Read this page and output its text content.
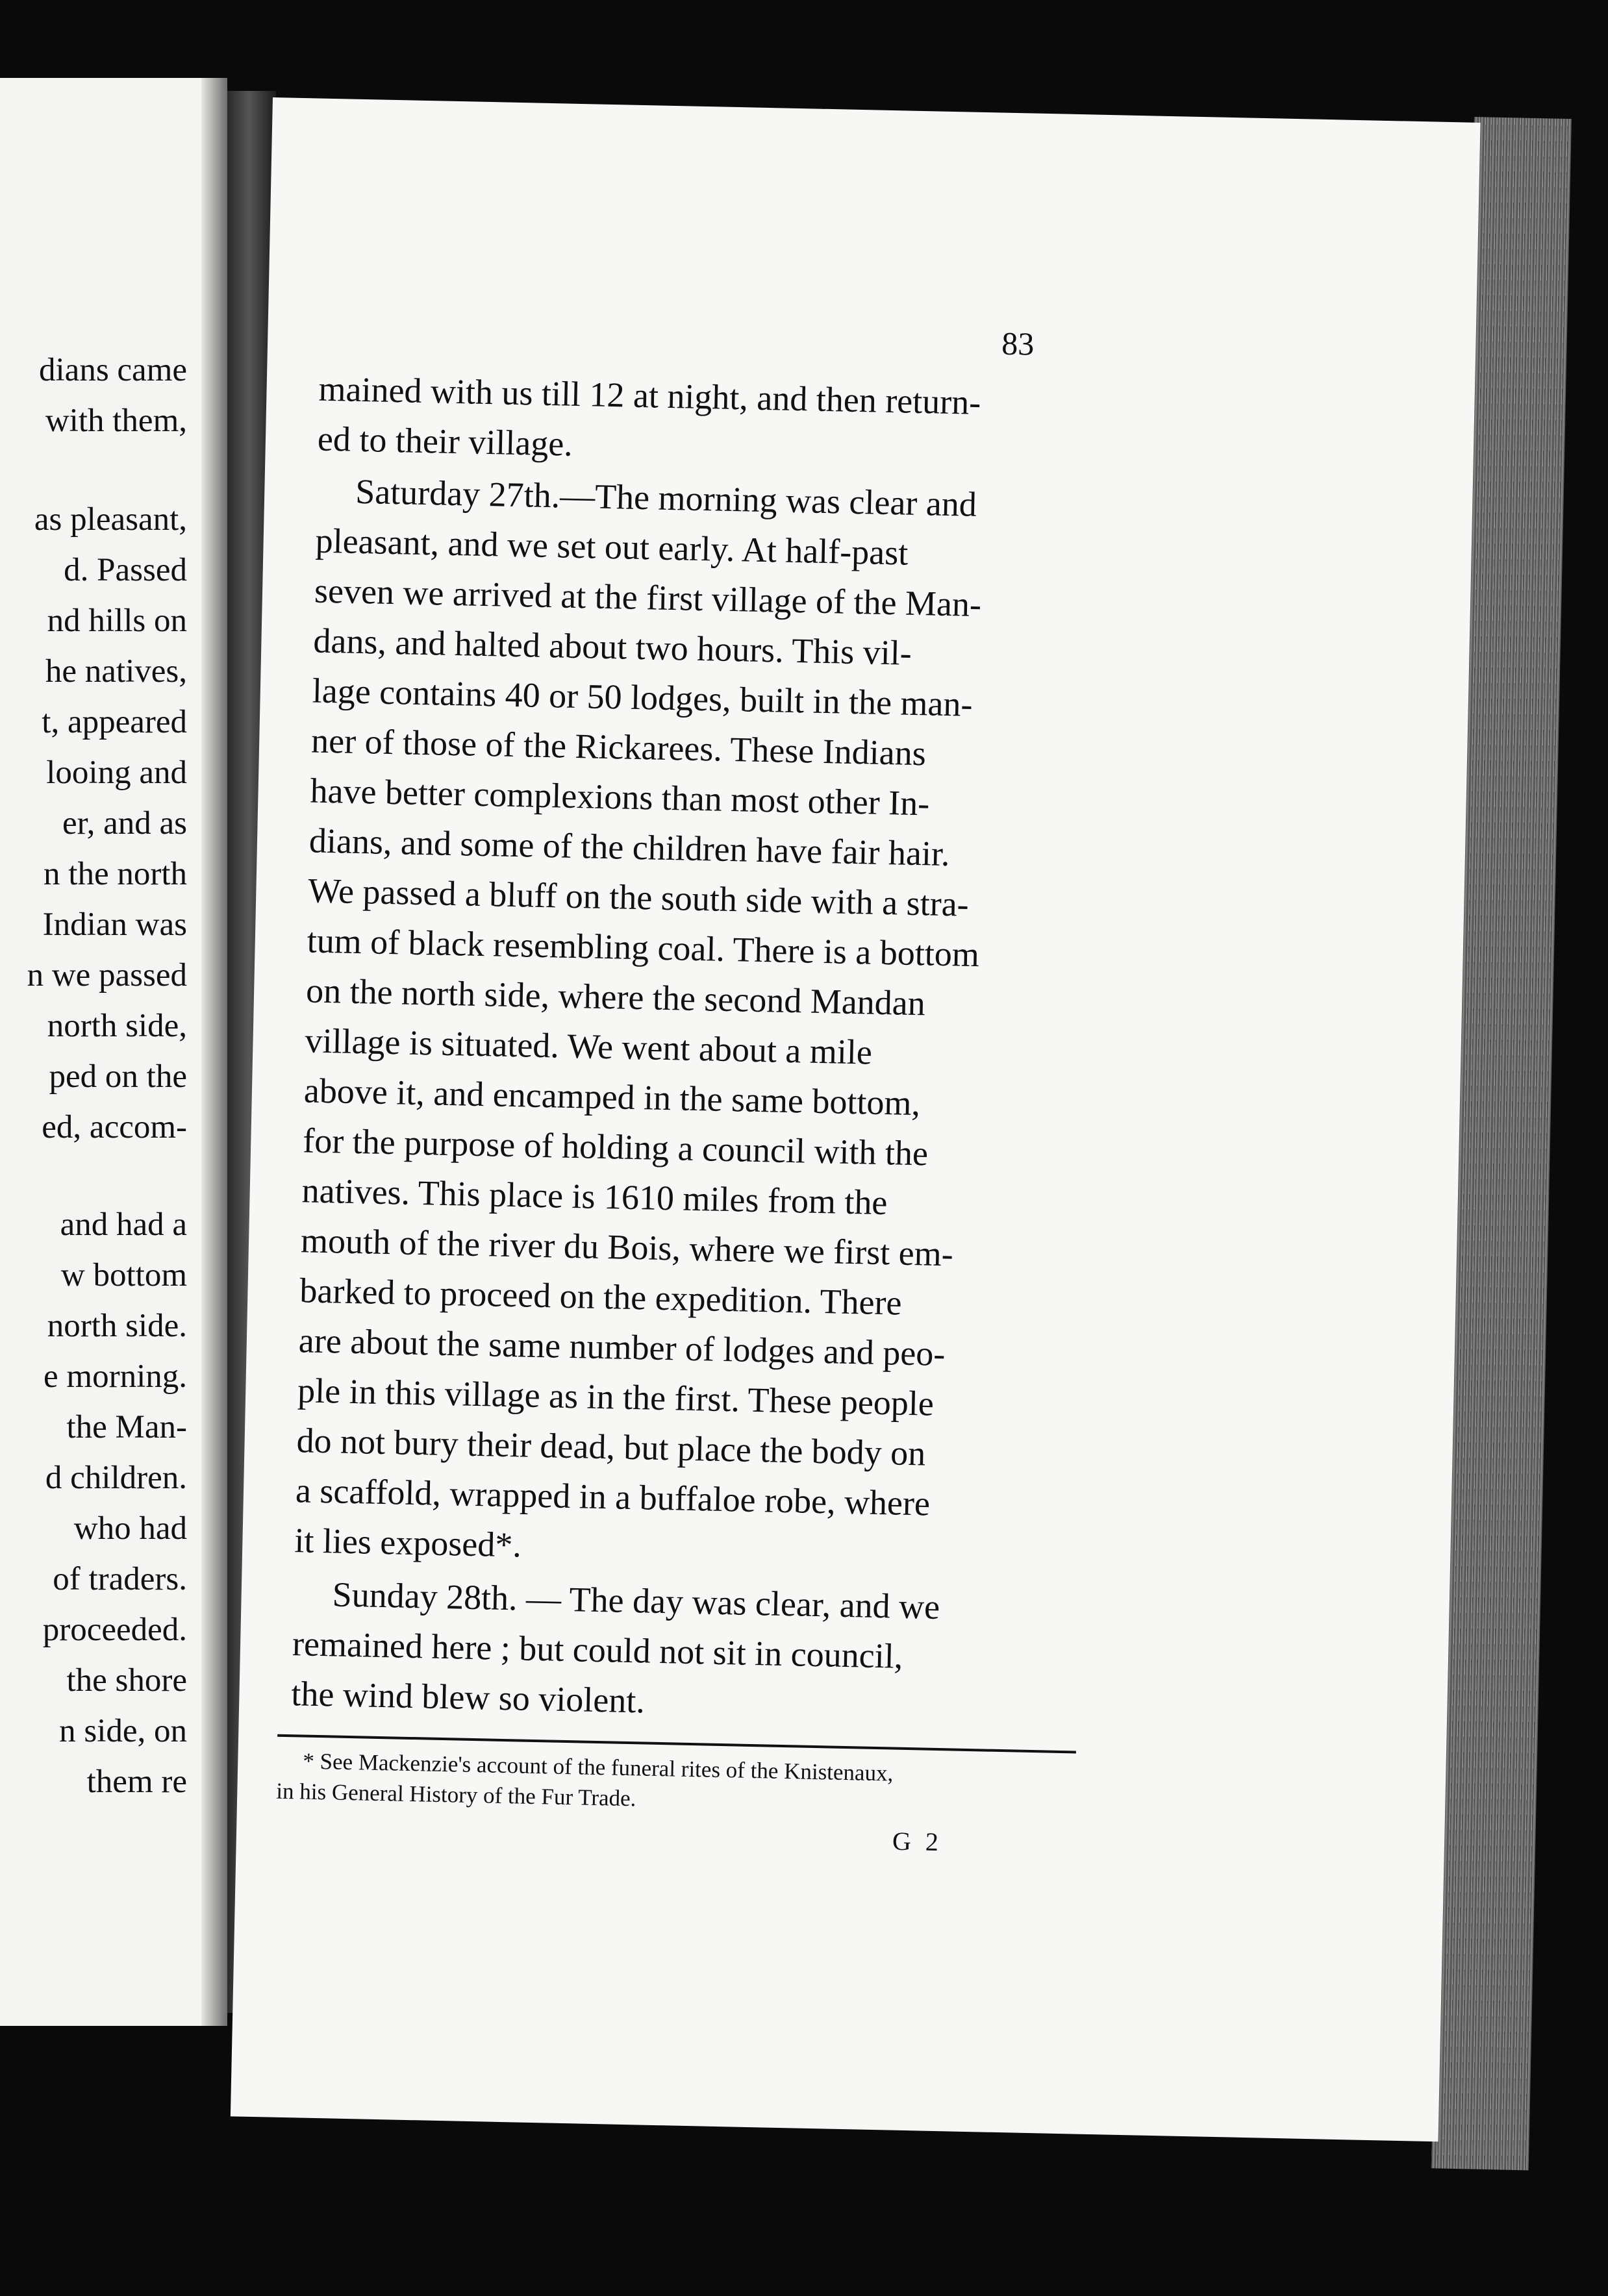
dians came
with them,
as pleasant,
d. Passed
nd hills on
he natives,
t, appeared
looing and
er, and as
n the north
Indian was
n we passed
north side,
ped on the
ed, accom-
and had a
w bottom
north side.
e morning.
the Man-
d children.
who had
of traders.
proceeded.
the shore
n side, on
them re
83
mained with us till 12 at night, and then return-
ed to their village.
Saturday 27th.—The morning was clear and
pleasant, and we set out early. At half-past
seven we arrived at the first village of the Man-
dans, and halted about two hours. This vil-
lage contains 40 or 50 lodges, built in the man-
ner of those of the Rickarees. These Indians
have better complexions than most other In-
dians, and some of the children have fair hair.
We passed a bluff on the south side with a stra-
tum of black resembling coal. There is a bottom
on the north side, where the second Mandan
village is situated. We went about a mile
above it, and encamped in the same bottom,
for the purpose of holding a council with the
natives. This place is 1610 miles from the
mouth of the river du Bois, where we first em-
barked to proceed on the expedition. There
are about the same number of lodges and peo-
ple in this village as in the first. These people
do not bury their dead, but place the body on
a scaffold, wrapped in a buffaloe robe, where
it lies exposed*.
Sunday 28th. — The day was clear, and we
remained here ; but could not sit in council,
the wind blew so violent.
* See Mackenzie's account of the funeral rites of the Knistenaux,
in his General History of the Fur Trade.
G 2
